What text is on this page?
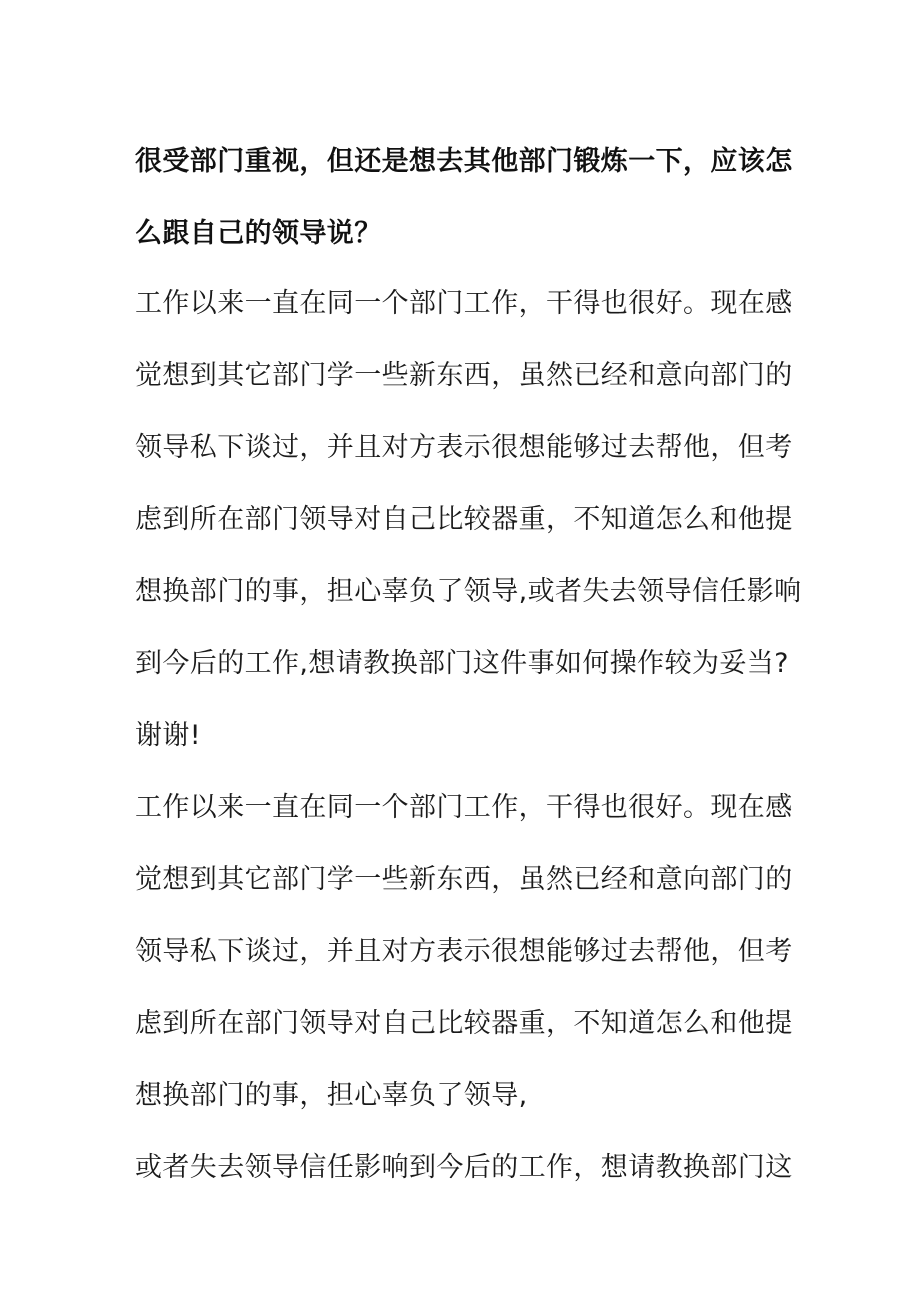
很受部门重视，但还是想去其他部门锻炼一下，应该怎
么跟自己的领导说？
工作以来一直在同一个部门工作，干得也很好。现在感
觉想到其它部门学一些新东西，虽然已经和意向部门的
领导私下谈过，并且对方表示很想能够过去帮他，但考
虑到所在部门领导对自己比较器重，不知道怎么和他提
想换部门的事，担心辜负了领导,或者失去领导信任影响
到今后的工作,想请教换部门这件事如何操作较为妥当?
谢谢!
工作以来一直在同一个部门工作，干得也很好。现在感
觉想到其它部门学一些新东西，虽然已经和意向部门的
领导私下谈过，并且对方表示很想能够过去帮他，但考
虑到所在部门领导对自己比较器重，不知道怎么和他提
想换部门的事，担心辜负了领导,
或者失去领导信任影响到今后的工作，想请教换部门这
